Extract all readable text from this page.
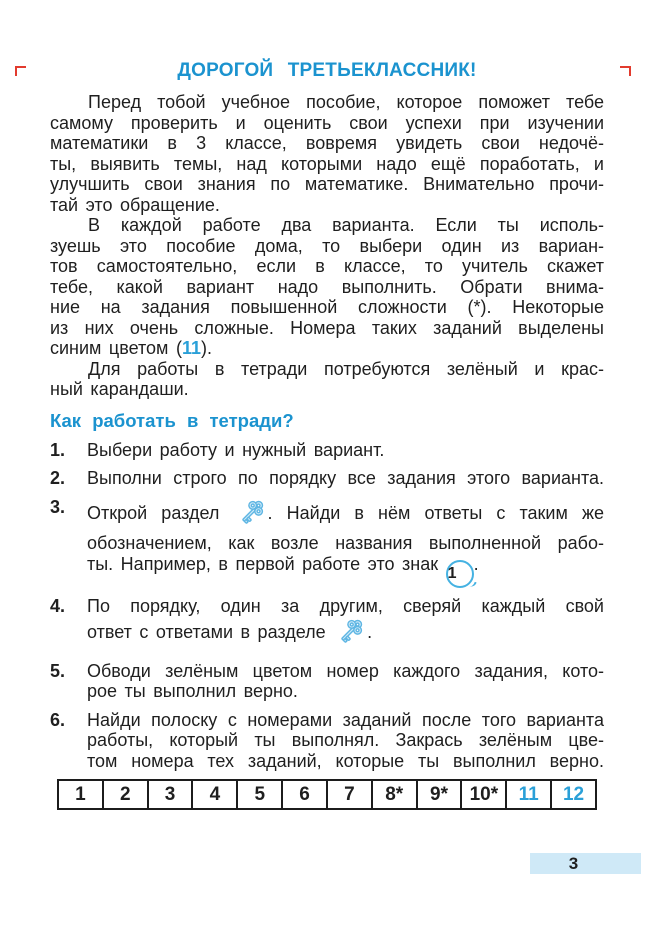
ДОРОГОЙ ТРЕТЬЕКЛАССНИК!
Перед тобой учебное пособие, которое поможет тебе
самому проверить и оценить свои успехи при изучении
математики в 3 классе, вовремя увидеть свои недочё-
ты, выявить темы, над которыми надо ещё поработать, и
улучшить свои знания по математике. Внимательно прочи-
тай это обращение.
В каждой работе два варианта. Если ты исполь-
зуешь это пособие дома, то выбери один из вариан-
тов самостоятельно, если в классе, то учитель скажет
тебе, какой вариант надо выполнить. Обрати внима-
ние на задания повышенной сложности (*). Некоторые
из них очень сложные. Номера таких заданий выделены
синим цветом (11).
Для работы в тетради потребуются зелёный и крас-
ный карандаши.
Как работать в тетради?
1.	Выбери работу и нужный вариант.
2.	Выполни строго по порядку все задания этого варианта.
3.	Открой раздел . Найди в нём ответы с таким же
обозначением, как возле названия выполненной рабо-
ты. Например, в первой работе это знак 1 .
4.	По порядку, один за другим, сверяй каждый свой
ответ с ответами в разделе .
5.	Обводи зелёным цветом номер каждого задания, кото-
рое ты выполнил верно.
6.	Найди полоску с номерами заданий после того варианта
работы, который ты выполнял. Закрась зелёным цве-
том номера тех заданий, которые ты выполнил верно.
1	2	3	4	5	6	7	8*	9*	10*	11	12
3
